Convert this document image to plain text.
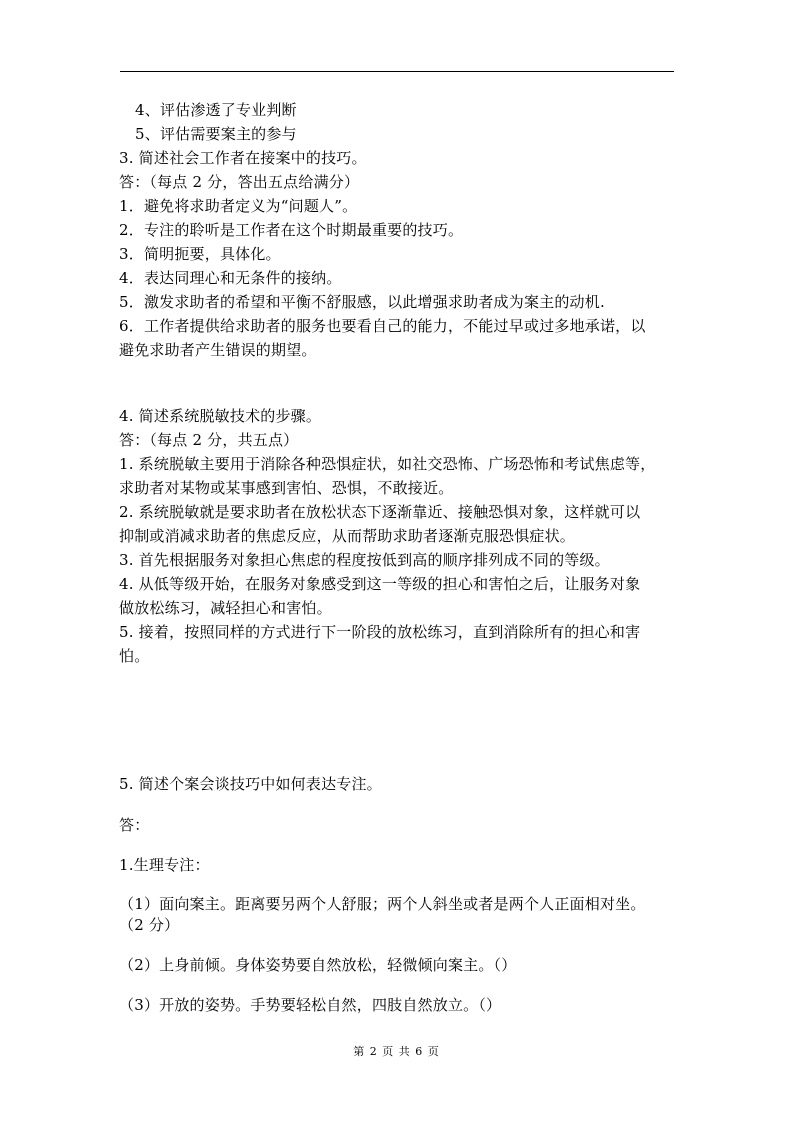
4、评估渗透了专业判断
5、评估需要案主的参与
3. 简述社会工作者在接案中的技巧。
答：（每点 2 分，答出五点给满分）
1．避免将求助者定义为“问题人”。
2．专注的聆听是工作者在这个时期最重要的技巧。
3．简明扼要，具体化。
4．表达同理心和无条件的接纳。
5．激发求助者的希望和平衡不舒服感，以此增强求助者成为案主的动机.
6．工作者提供给求助者的服务也要看自己的能力，不能过早或过多地承诺，以
避免求助者产生错误的期望。
4. 简述系统脱敏技术的步骤。
答：（每点 2 分，共五点）
1. 系统脱敏主要用于消除各种恐惧症状，如社交恐怖、广场恐怖和考试焦虑等，
求助者对某物或某事感到害怕、恐惧，不敢接近。
2. 系统脱敏就是要求助者在放松状态下逐渐靠近、接触恐惧对象，这样就可以
抑制或消减求助者的焦虑反应，从而帮助求助者逐渐克服恐惧症状。
3. 首先根据服务对象担心焦虑的程度按低到高的顺序排列成不同的等级。
4. 从低等级开始，在服务对象感受到这一等级的担心和害怕之后，让服务对象
做放松练习，减轻担心和害怕。
5. 接着，按照同样的方式进行下一阶段的放松练习，直到消除所有的担心和害
怕。
5. 简述个案会谈技巧中如何表达专注。
答：
1.生理专注：
（1）面向案主。距离要另两个人舒服；两个人斜坐或者是两个人正面相对坐。
（2 分）
（2）上身前倾。身体姿势要自然放松，轻微倾向案主。（）
（3）开放的姿势。手势要轻松自然，四肢自然放立。（）
第 2 页 共 6 页
